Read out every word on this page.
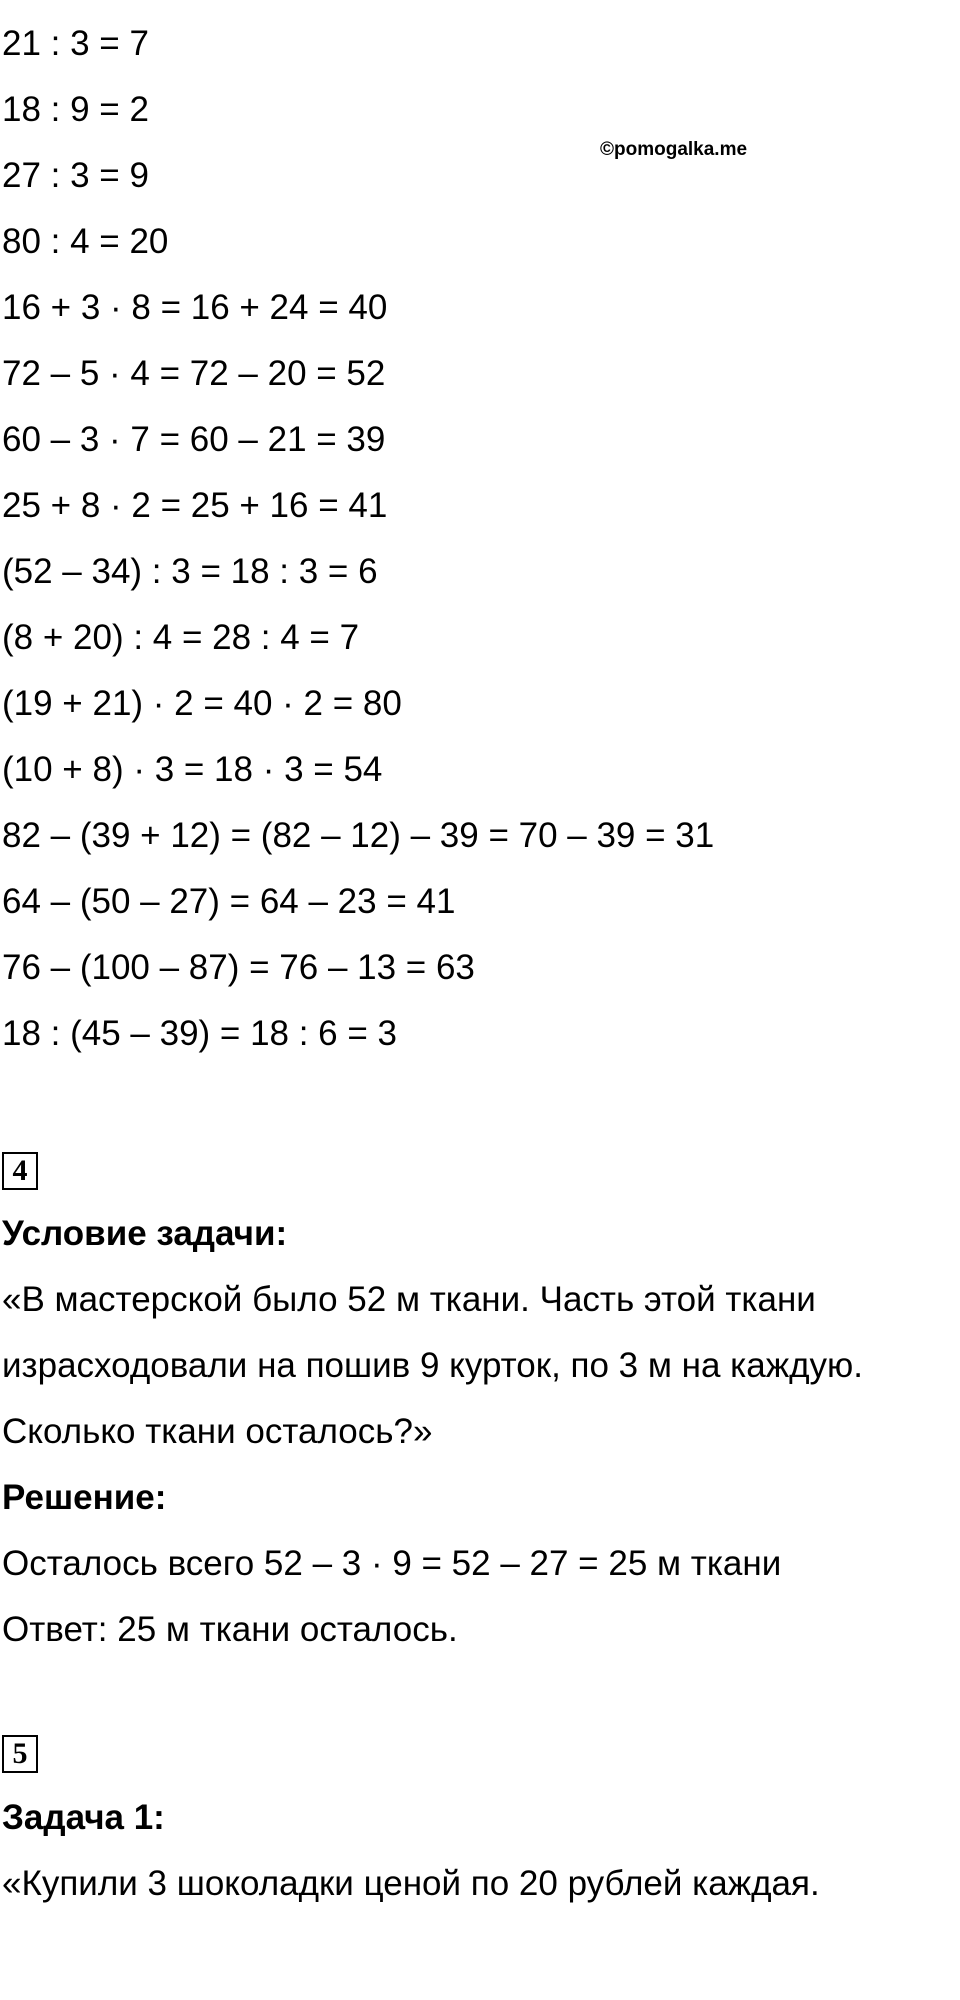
©pomogalka.me

21 : 3 = 7

18 : 9 = 2

27 : 3 = 9

80 : 4 = 20

16 + 3 · 8 = 16 + 24 = 40

72 – 5 · 4 = 72 – 20 = 52

60 – 3 · 7 = 60 – 21 = 39

25 + 8 · 2 = 25 + 16 = 41

(52 – 34) : 3 = 18 : 3 = 6

(8 + 20) : 4 = 28 : 4 = 7

(19 + 21) · 2 = 40 · 2 = 80

(10 + 8) · 3 = 18 · 3 = 54

82 – (39 + 12) = (82 – 12) – 39 = 70 – 39 = 31

64 – (50 – 27) = 64 – 23 = 41

76 – (100 – 87) = 76 – 13 = 63

18 : (45 – 39) = 18 : 6 = 3

4

Условие задачи:

«В мастерской было 52 м ткани. Часть этой ткани

израсходовали на пошив 9 курток, по 3 м на каждую.

Сколько ткани осталось?»

Решение:

Осталось всего 52 – 3 · 9 = 52 – 27 = 25 м ткани

Ответ: 25 м ткани осталось.

5

Задача 1:

«Купили 3 шоколадки ценой по 20 рублей каждая.
